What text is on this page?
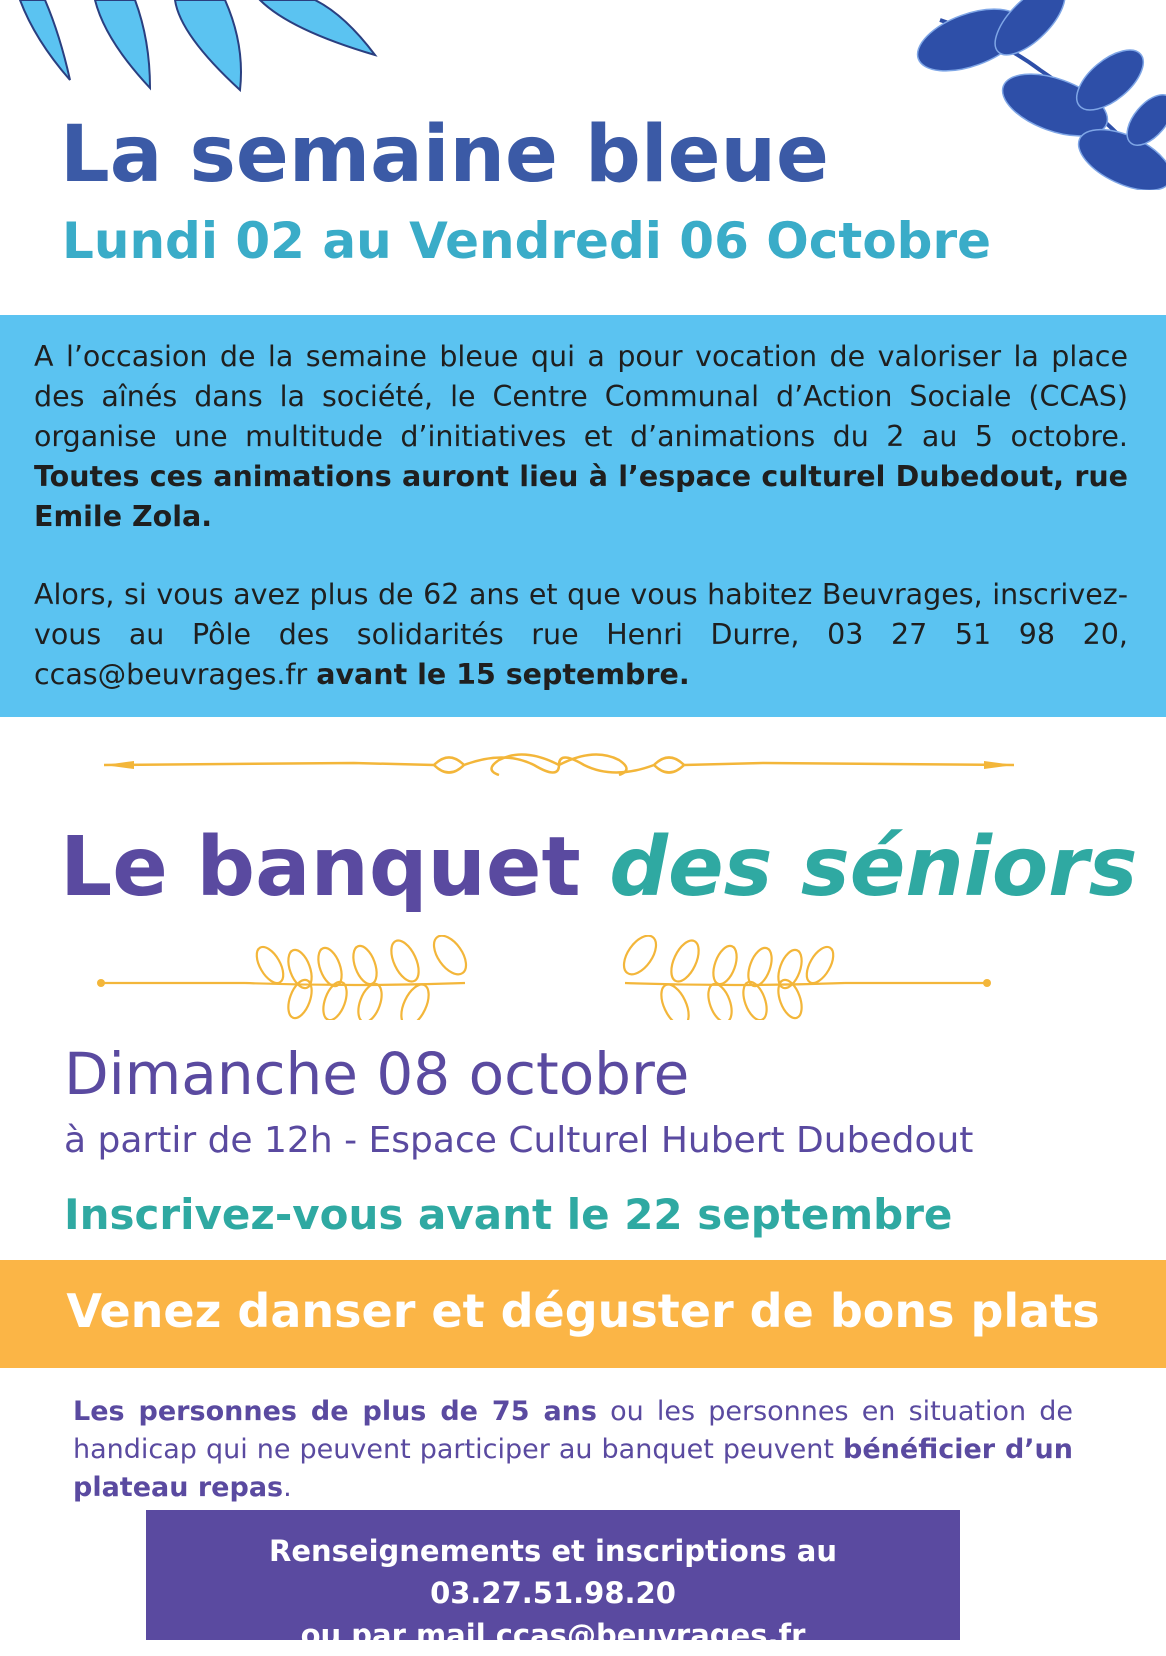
La semaine bleue
Lundi 02 au Vendredi 06 Octobre

A l’occasion de la semaine bleue qui a pour vocation de valoriser la place des aînés dans la société, le Centre Communal d’Action Sociale (CCAS) organise une multitude d’initiatives et d’animations du 2 au 5 octobre. Toutes ces animations auront lieu à l’espace culturel Dubedout, rue Emile Zola.

Alors, si vous avez plus de 62 ans et que vous habitez Beuvrages, inscrivez-vous au Pôle des solidarités rue Henri Durre, 03 27 51 98 20, ccas@beuvrages.fr avant le 15 septembre.

Le banquet des séniors
Dimanche 08 octobre
à partir de 12h - Espace Culturel Hubert Dubedout
Inscrivez-vous avant le 22 septembre
Venez danser et déguster de bons plats

Les personnes de plus de 75 ans ou les personnes en situation de handicap qui ne peuvent participer au banquet peuvent bénéficier d’un plateau repas.

Renseignements et inscriptions au 03.27.51.98.20
ou par mail ccas@beuvrages.fr
